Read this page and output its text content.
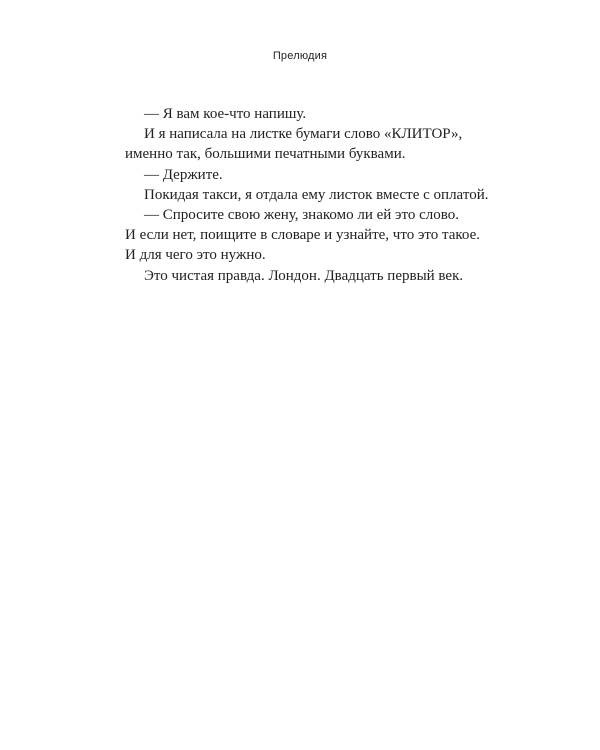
Прелюдия
— Я вам кое-что напишу.
И я написала на листке бумаги слово «КЛИТОР»,
именно так, большими печатными буквами.
— Держите.
Покидая такси, я отдала ему листок вместе с оплатой.
— Спросите свою жену, знакомо ли ей это слово.
И если нет, поищите в словаре и узнайте, что это такое.
И для чего это нужно.
Это чистая правда. Лондон. Двадцать первый век.
